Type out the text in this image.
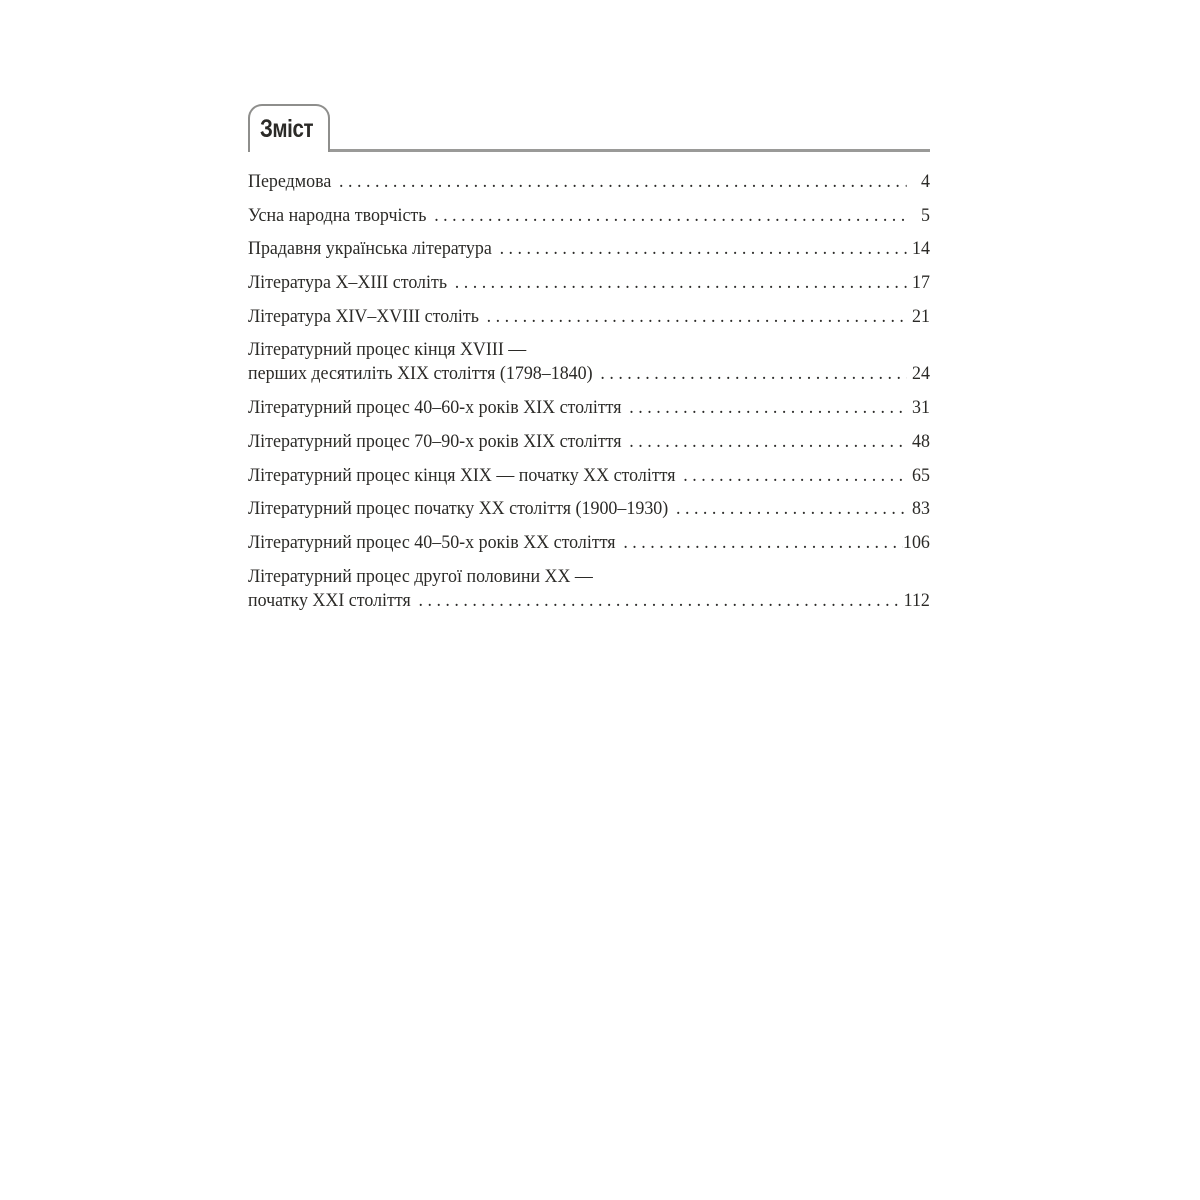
Зміст
Передмова . . .	4
Усна народна творчість . . .	5
Прадавня українська література . . .	14
Література X–XIII століть . . .	17
Література XIV–XVIII століть . . .	21
Літературний процес кінця XVIII —
перших десятиліть XIX століття (1798–1840) . . .	24
Літературний процес 40–60-х років XIX століття . . .	31
Літературний процес 70–90-х років XIX століття . . .	48
Літературний процес кінця XIX — початку XX століття . . .	65
Літературний процес початку XX століття (1900–1930) . . .	83
Літературний процес 40–50-х років XX століття . . .	106
Літературний процес другої половини XX —
початку XXI століття . . .	112
